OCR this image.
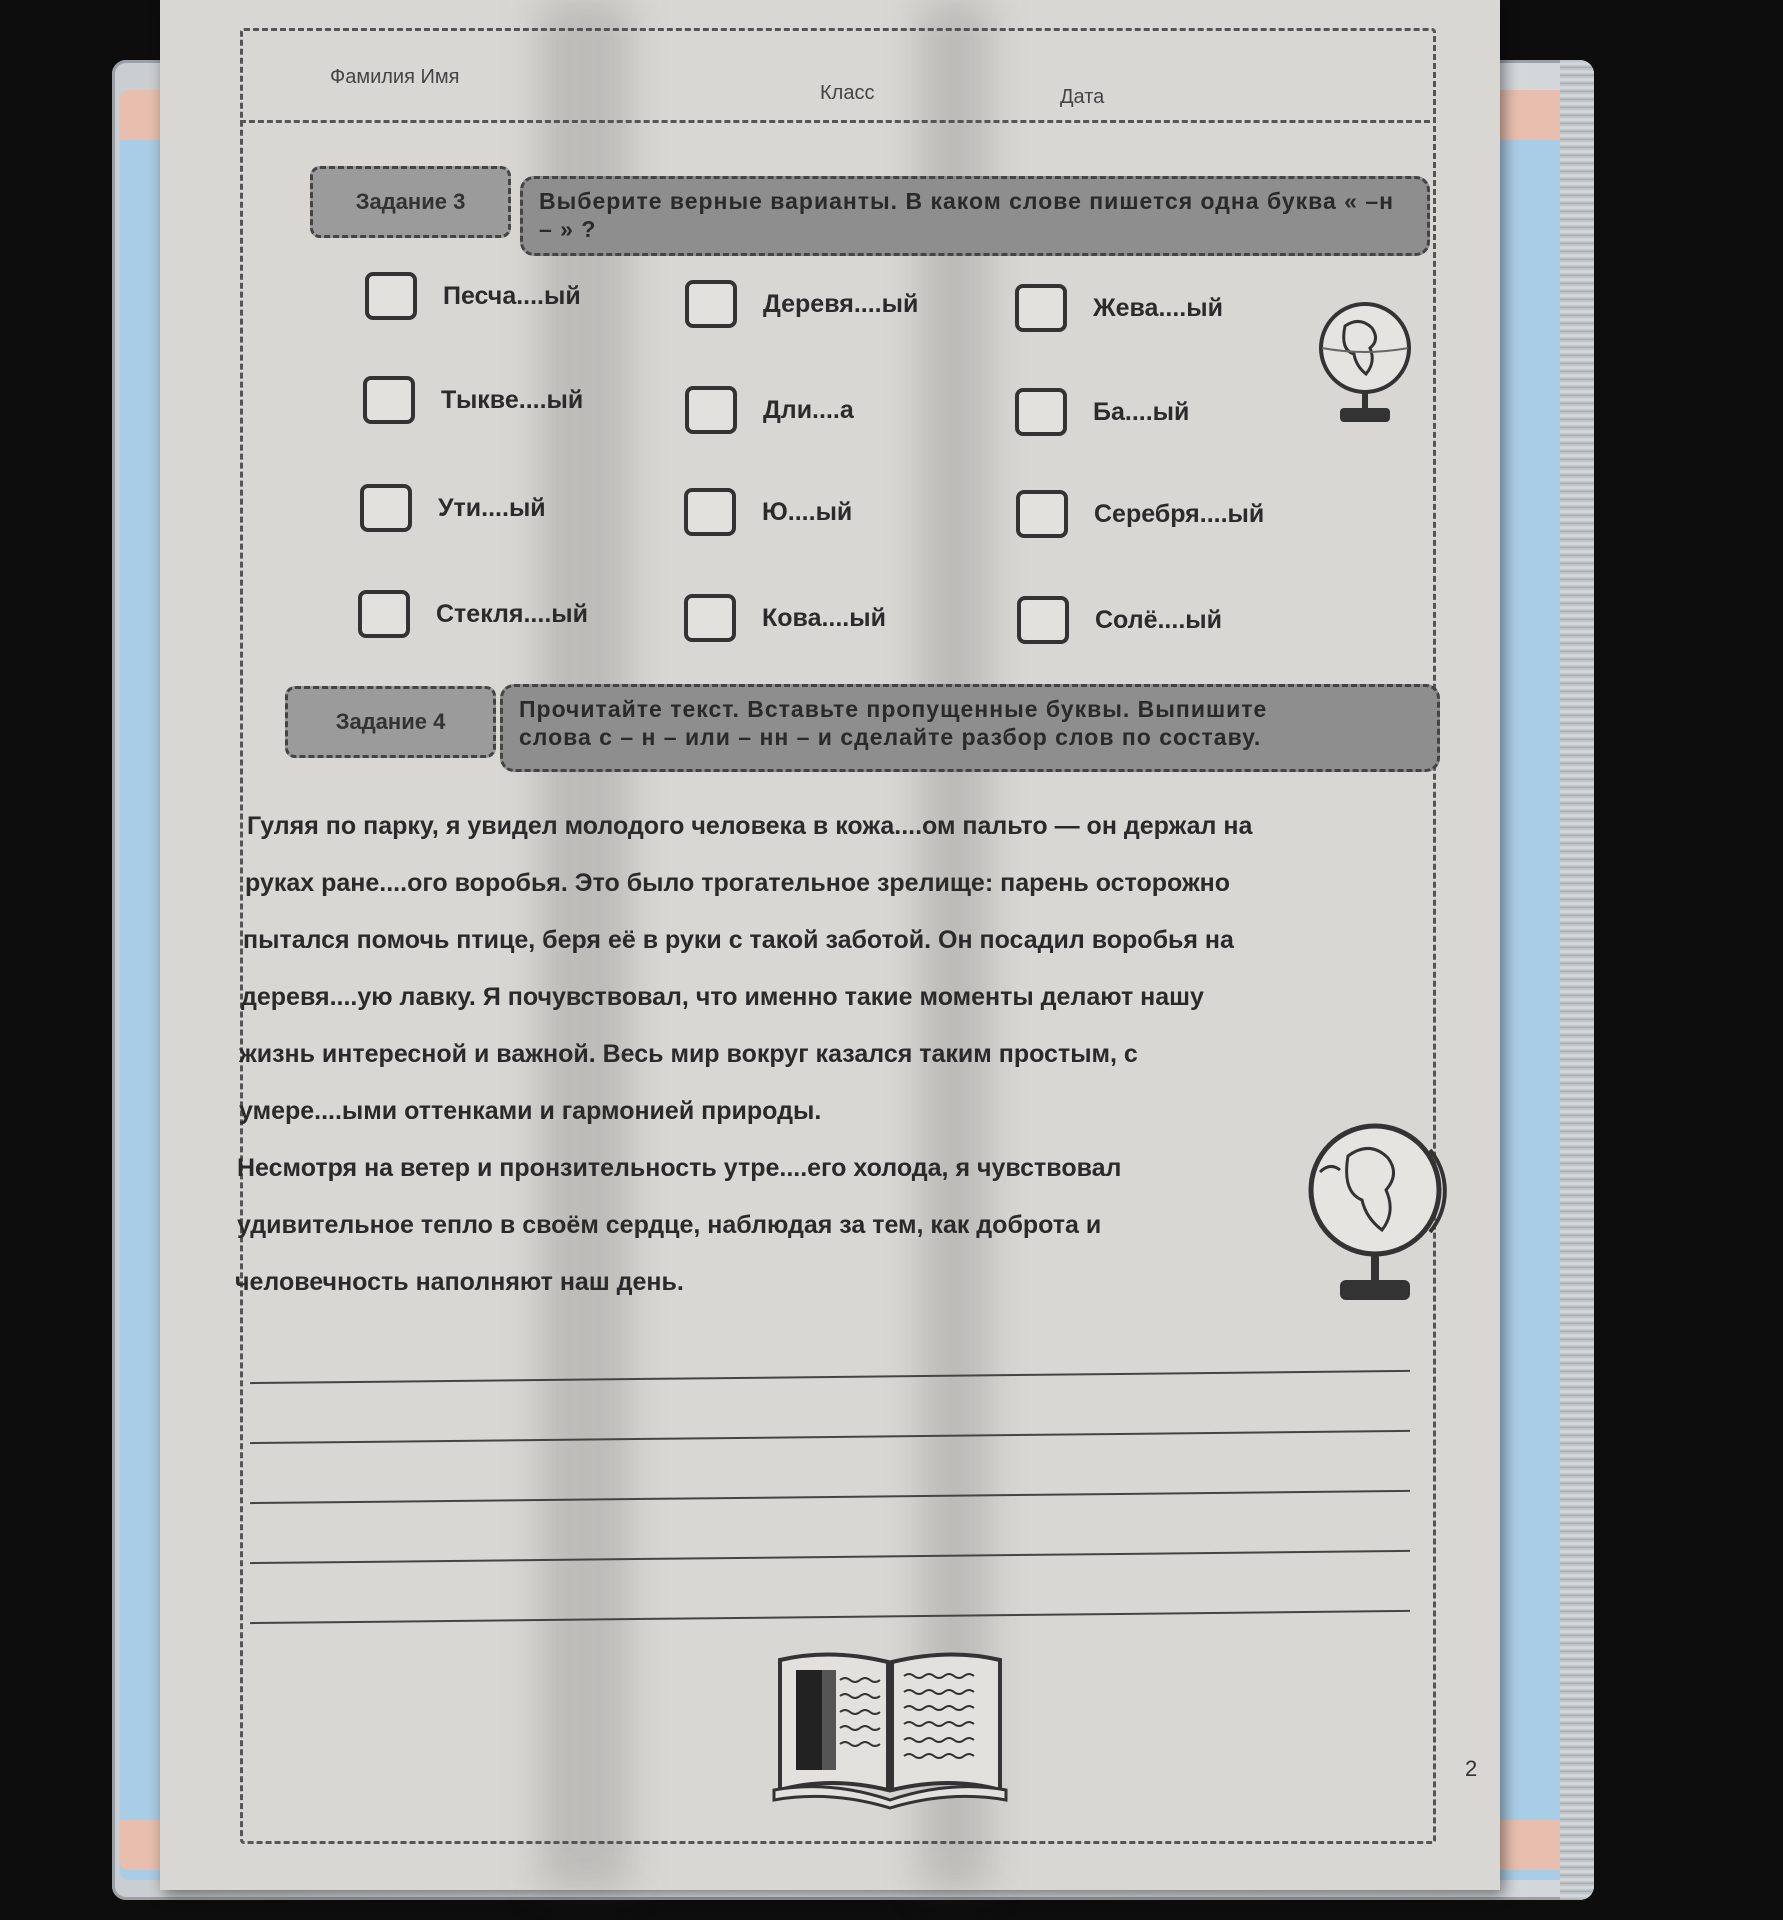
Фамилия Имя
Класс	Дата
Задание 3	Выберите верные варианты. В каком слове пишется одна буква « –н – » ?
Песча....ый	Деревя....ый	Жева....ый
Тыкве....ый	Дли....а	Ба....ый
Ути....ый	Ю....ый	Серебря....ый
Стекля....ый	Кова....ый	Солё....ый
Задание 4	Прочитайте текст. Вставьте пропущенные буквы. Выпишите
слова с – н – или – нн – и сделайте разбор слов по составу.
Гуляя по парку, я увидел молодого человека в кожа....ом пальто — он держал на
руках ране....ого воробья. Это было трогательное зрелище: парень осторожно
пытался помочь птице, беря её в руки с такой заботой. Он посадил воробья на
деревя....ую лавку. Я почувствовал, что именно такие моменты делают нашу
жизнь интересной и важной. Весь мир вокруг казался таким простым, с
умере....ыми оттенками и гармонией природы.
Несмотря на ветер и пронзительность утре....его холода, я чувствовал
удивительное тепло в своём сердце, наблюдая за тем, как доброта и
человечность наполняют наш день.
2
